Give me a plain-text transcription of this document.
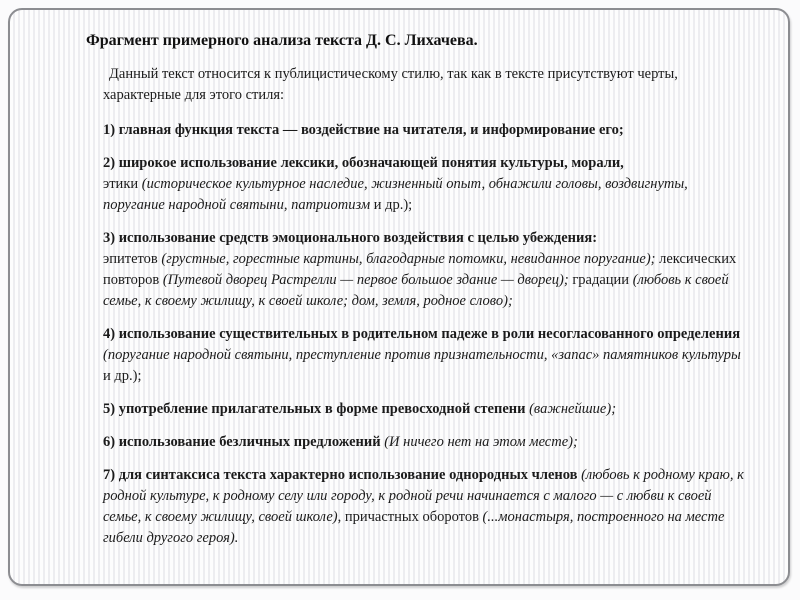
Фрагмент примерного анализа текста Д. С. Лихачева.

Данный текст относится к публицистическому стилю, так как в тексте присутствуют черты, характерные для этого стиля:

1) главная функция текста — воздействие на читателя, и информирование его;

2) широкое использование лексики, обозначающей понятия культуры, морали,
этики (историческое культурное наследие, жизненный опыт, обнажили головы, воздвигнуты, поругание народной святыни, патриотизм и др.);

3) использование средств эмоционального воздействия с целью убеждения:
эпитетов (грустные, горестные картины, благодарные потомки, невиданное поругание); лексических повторов (Путевой дворец Растрелли — первое большое здание — дворец); градации (любовь к своей семье, к своему жилищу, к своей школе; дом, земля, родное слово);

4) использование существительных в родительном падеже в роли несогласованного определения (поругание народной святыни, преступление против признательности, «запас» памятников культуры и др.);

5) употребление прилагательных в форме превосходной степени (важнейшие);

6) использование безличных предложений (И ничего нет на этом месте);

7) для синтаксиса текста характерно использование однородных членов (любовь к родному краю, к родной культуре, к родному селу или городу, к родной речи начинается с малого — с любви к своей семье, к своему жилищу, своей школе), причастных оборотов (...монастыря, построенного на месте гибели другого героя).
